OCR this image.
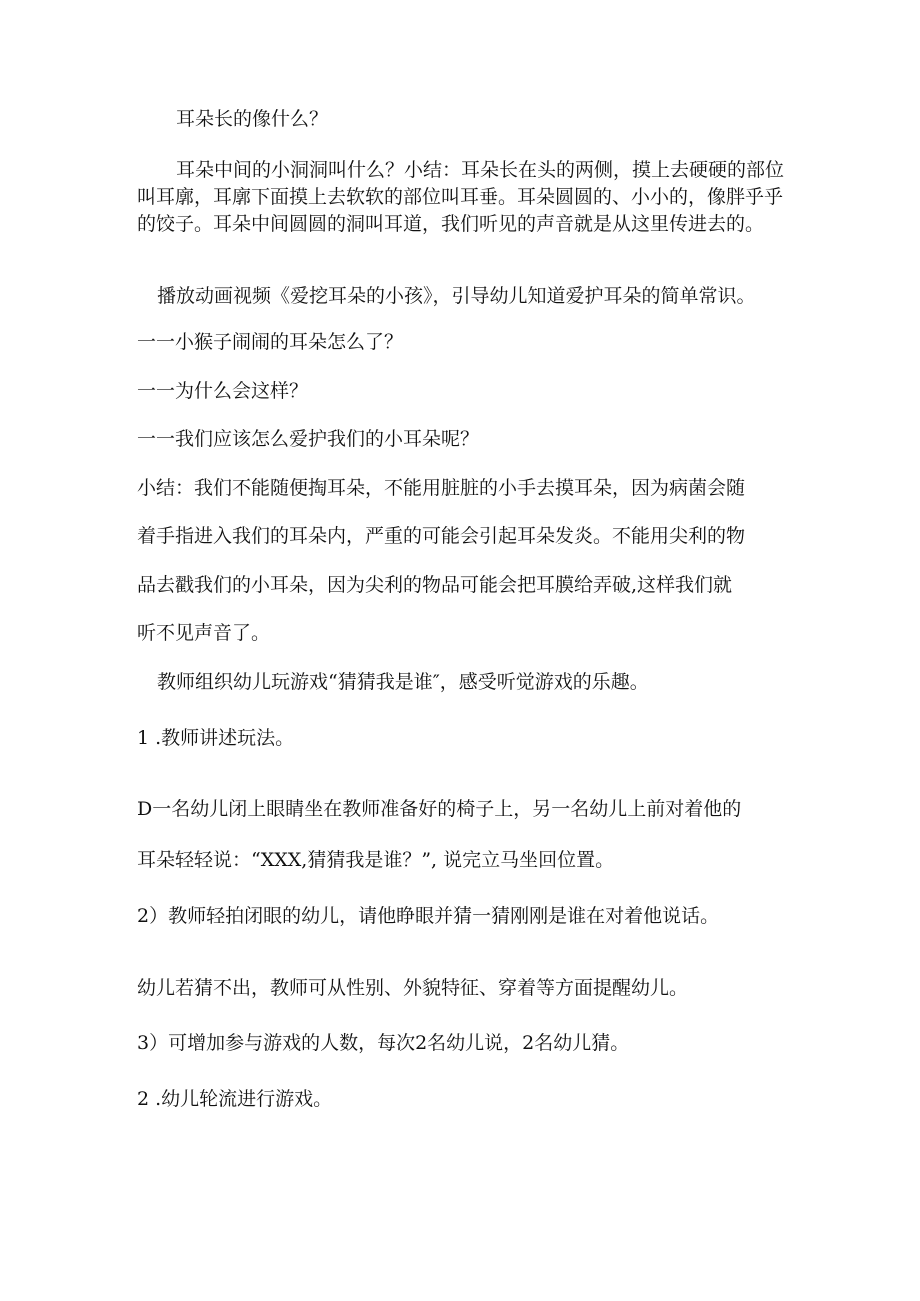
耳朵长的像什么？

耳朵中间的小洞洞叫什么？小结：耳朵长在头的两侧，摸上去硬硬的部位叫耳廓，耳廓下面摸上去软软的部位叫耳垂。耳朵圆圆的、小小的，像胖乎乎的饺子。耳朵中间圆圆的洞叫耳道，我们听见的声音就是从这里传进去的。

播放动画视频《爱挖耳朵的小孩》，引导幼儿知道爱护耳朵的简单常识。

一一小猴子闹闹的耳朵怎么了？

一一为什么会这样？

一一我们应该怎么爱护我们的小耳朵呢？

小结：我们不能随便掏耳朵，不能用脏脏的小手去摸耳朵，因为病菌会随

着手指进入我们的耳朵内，严重的可能会引起耳朵发炎。不能用尖利的物

品去戳我们的小耳朵，因为尖利的物品可能会把耳膜给弄破,这样我们就

听不见声音了。

教师组织幼儿玩游戏“猜猜我是谁″，感受听觉游戏的乐趣。

1 .教师讲述玩法。

D一名幼儿闭上眼睛坐在教师准备好的椅子上，另一名幼儿上前对着他的

耳朵轻轻说：“XXX,猜猜我是谁？”, 说完立马坐回位置。

2）教师轻拍闭眼的幼儿，请他睁眼并猜一猜刚刚是谁在对着他说话。

幼儿若猜不出，教师可从性别、外貌特征、穿着等方面提醒幼儿。

3）可增加参与游戏的人数，每次2名幼儿说，2名幼儿猜。

2 .幼儿轮流进行游戏。
